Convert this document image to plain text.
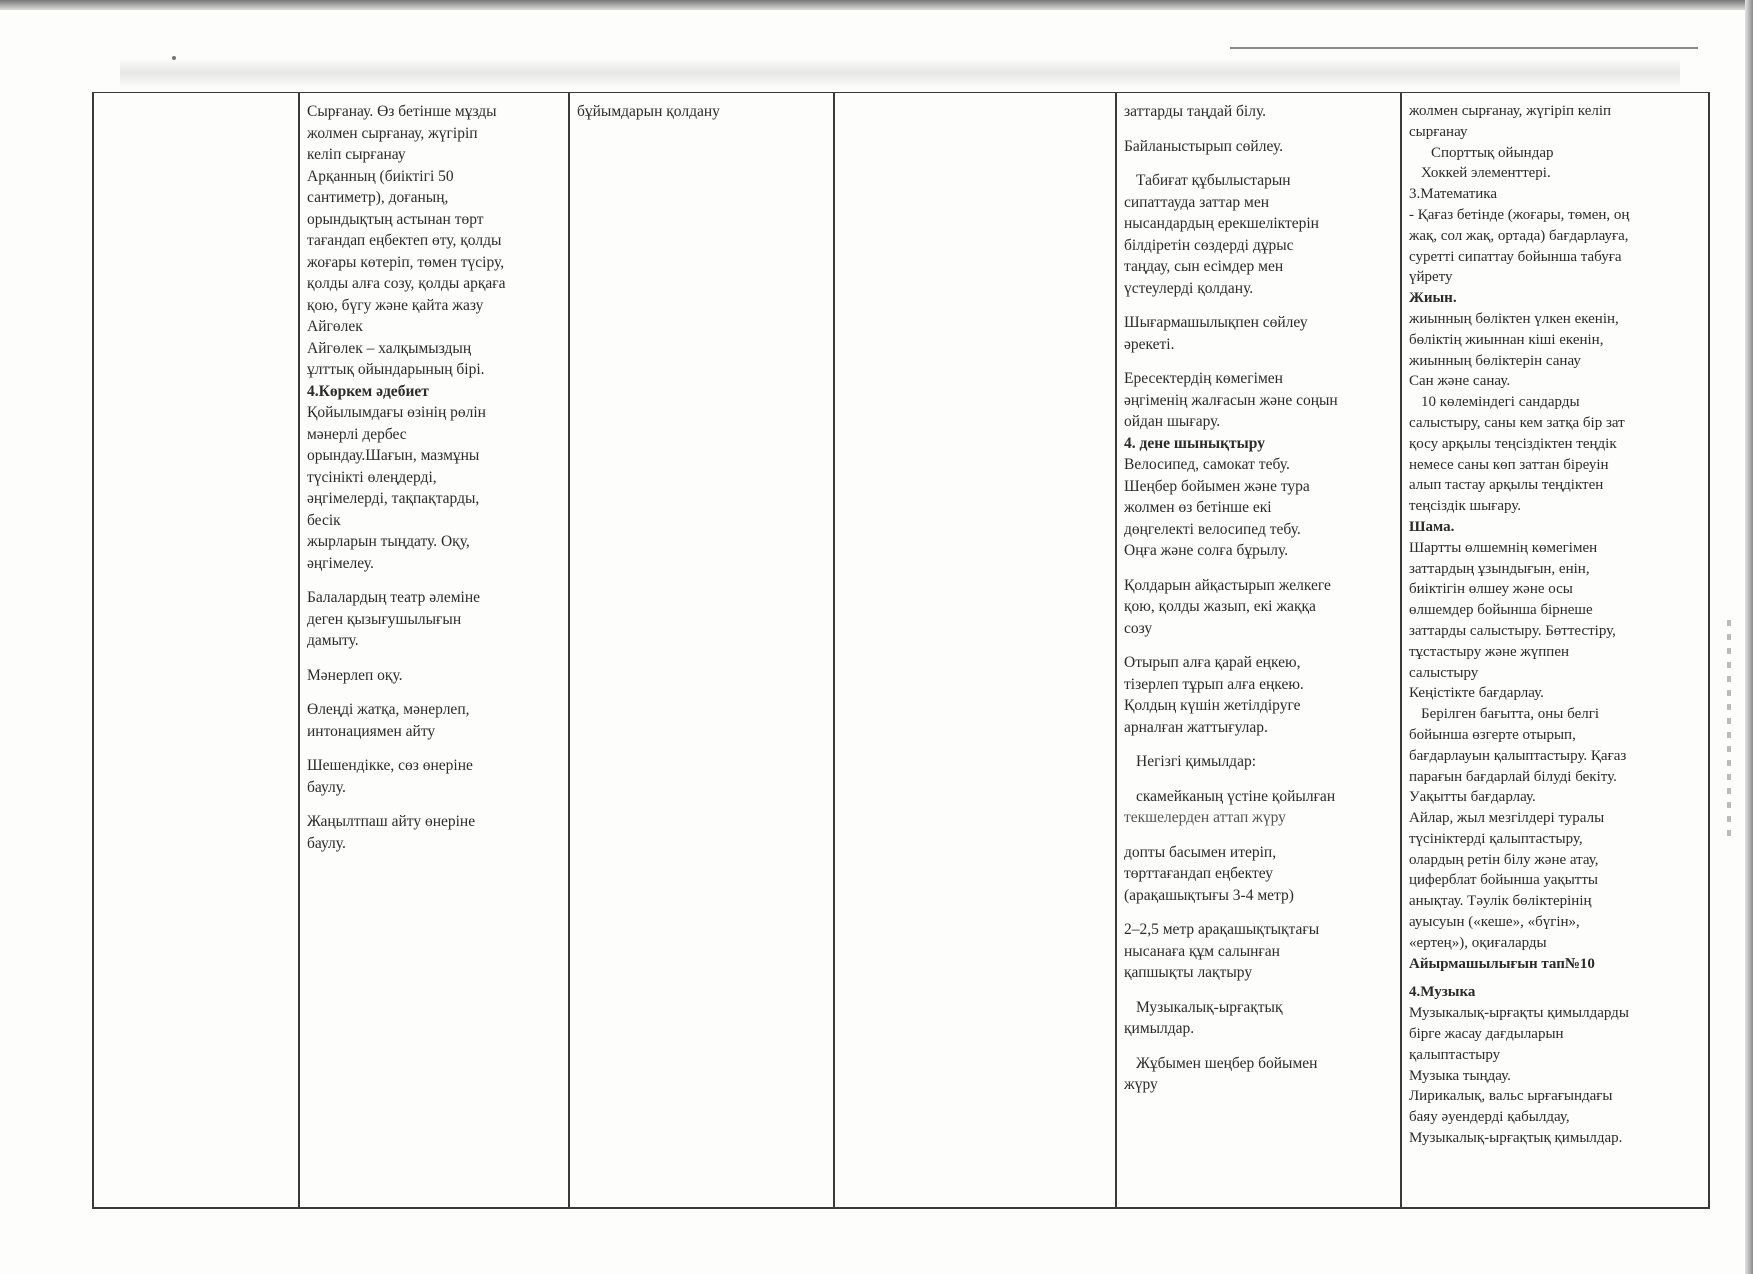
Сырғанау. Өз бетінше мұзды
жолмен сырғанау, жүгіріп
келіп сырғанау
Арқанның (биіктігі 50
сантиметр), доғаның,
орындықтың астынан төрт
тағандап еңбектеп өту, қолды
жоғары көтеріп, төмен түсіру,
қолды алға созу, қолды арқаға
қою, бүгу және қайта жазу
Айгөлек
Айгөлек – халқымыздың
ұлттық ойындарының бірі.
4.Көркем әдебиет
Қойылымдағы өзінің рөлін
мәнерлі дербес
орындау.Шағын, мазмұны
түсінікті өлеңдерді,
әңгімелерді, тақпақтарды,
бесік
жырларын тыңдату. Оқу,
әңгімелеу.
Балалардың театр әлеміне
деген қызығушылығын
дамыту.
Мәнерлеп оқу.
Өлеңді жатқа, мәнерлеп,
интонациямен айту
Шешендікке, сөз өнеріне
баулу.
Жаңылтпаш айту өнеріне
баулу.
бұйымдарын қолдану	заттарды таңдай білу.
Байланыстырып сөйлеу.
Табиғат құбылыстарын
сипаттауда заттар мен
нысандардың ерекшеліктерін
білдіретін сөздерді дұрыс
таңдау, сын есімдер мен
үстеулерді қолдану.
Шығармашылықпен сөйлеу
әрекеті.
Ересектердің көмегімен
әңгіменің жалғасын және соңын
ойдан шығару.
4. дене шынықтыру
Велосипед, самокат тебу.
Шеңбер бойымен және тура
жолмен өз бетінше екі
дөңгелекті велосипед тебу.
Оңға және солға бұрылу.
Қолдарын айқастырып желкеге
қою, қолды жазып, екі жаққа
созу
Отырып алға қарай еңкею,
тізерлеп тұрып алға еңкею.
Қолдың күшін жетілдіруге
арналған жаттығулар.
Негізгі қимылдар:
скамейканың үстіне қойылған
текшелерден аттап жүру
допты басымен итеріп,
төрттағандап еңбектеу
(арақашықтығы 3-4 метр)
2–2,5 метр арақашықтықтағы
нысанаға құм салынған
қапшықты лақтыру
Музыкалық-ырғақтық
қимылдар.
Жұбымен шеңбер бойымен
жүру
жолмен сырғанау, жүгіріп келіп
сырғанау
Спорттық ойындар
Хоккей элементтері.
3.Математика
- Қағаз бетінде (жоғары, төмен, оң
жақ, сол жақ, ортада) бағдарлауға,
суретті сипаттау бойынша табуға
үйрету
Жиын.
жиынның бөліктен үлкен екенін,
бөліктің жиыннан кіші екенін,
жиынның бөліктерін санау
Сан және санау.
10 көлеміндегі сандарды
салыстыру, саны кем затқа бір зат
қосу арқылы теңсіздіктен теңдік
немесе саны көп заттан біреуін
алып тастау арқылы теңдіктен
теңсіздік шығару.
Шама.
Шартты өлшемнің көмегімен
заттардың ұзындығын, енін,
биіктігін өлшеу және осы
өлшемдер бойынша бірнеше
заттарды салыстыру. Бөттестіру,
тұстастыру және жүппен
салыстыру
Кеңістікте бағдарлау.
Берілген бағытта, оны белгі
бойынша өзгерте отырып,
бағдарлауын қалыптастыру. Қағаз
парағын бағдарлай білуді бекіту.
Уақытты бағдарлау.
Айлар, жыл мезгілдері туралы
түсініктерді қалыптастыру,
олардың ретін білу және атау,
циферблат бойынша уақытты
анықтау. Тәулік бөліктерінің
ауысуын («кеше», «бүгін»,
«ертең»), оқиғаларды
Айырмашылығын тап№10
4.Музыка
Музыкалық-ырғақты қимылдарды
бірге жасау дағдыларын
қалыптастыру
Музыка тыңдау.
Лирикалық, вальс ырғағындағы
баяу әуендерді қабылдау,
Музыкалық-ырғақтық қимылдар.
